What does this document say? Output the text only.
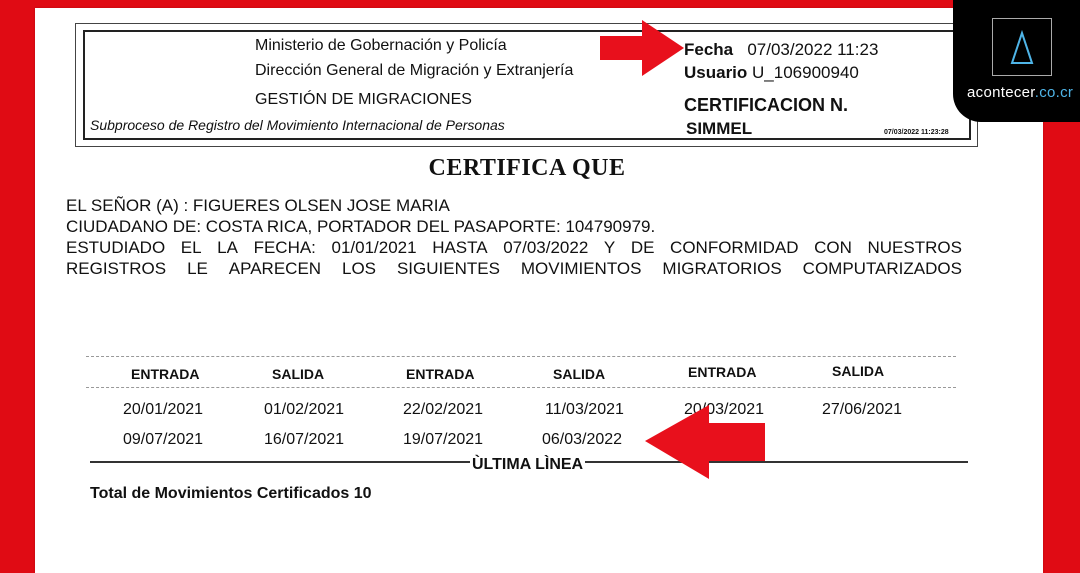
Ministerio de Gobernación y Policía
Dirección General de Migración y Extranjería
GESTIÓN DE MIGRACIONES
Subproceso de Registro del Movimiento Internacional de Personas
Fecha 07/03/2022 11:23
Usuario U_106900940
CERTIFICACION N.
SIMMEL	07/03/2022 11:23:28
CERTIFICA QUE
EL SEÑOR (A) : FIGUERES OLSEN JOSE MARIA
CIUDADANO DE: COSTA RICA, PORTADOR DEL PASAPORTE: 104790979.
ESTUDIADO EL LA FECHA: 01/01/2021 HASTA 07/03/2022 Y DE CONFORMIDAD CON NUESTROS
REGISTROS LE APARECEN LOS SIGUIENTES MOVIMIENTOS MIGRATORIOS COMPUTARIZADOS
ENTRADA	SALIDA	ENTRADA	SALIDA	ENTRADA	SALIDA
20/01/2021	01/02/2021	22/02/2021	11/03/2021	20/03/2021	27/06/2021
09/07/2021	16/07/2021	19/07/2021	06/03/2022
ÙLTIMA LÌNEA
Total de Movimientos Certificados 10
acontecer.co.cr
